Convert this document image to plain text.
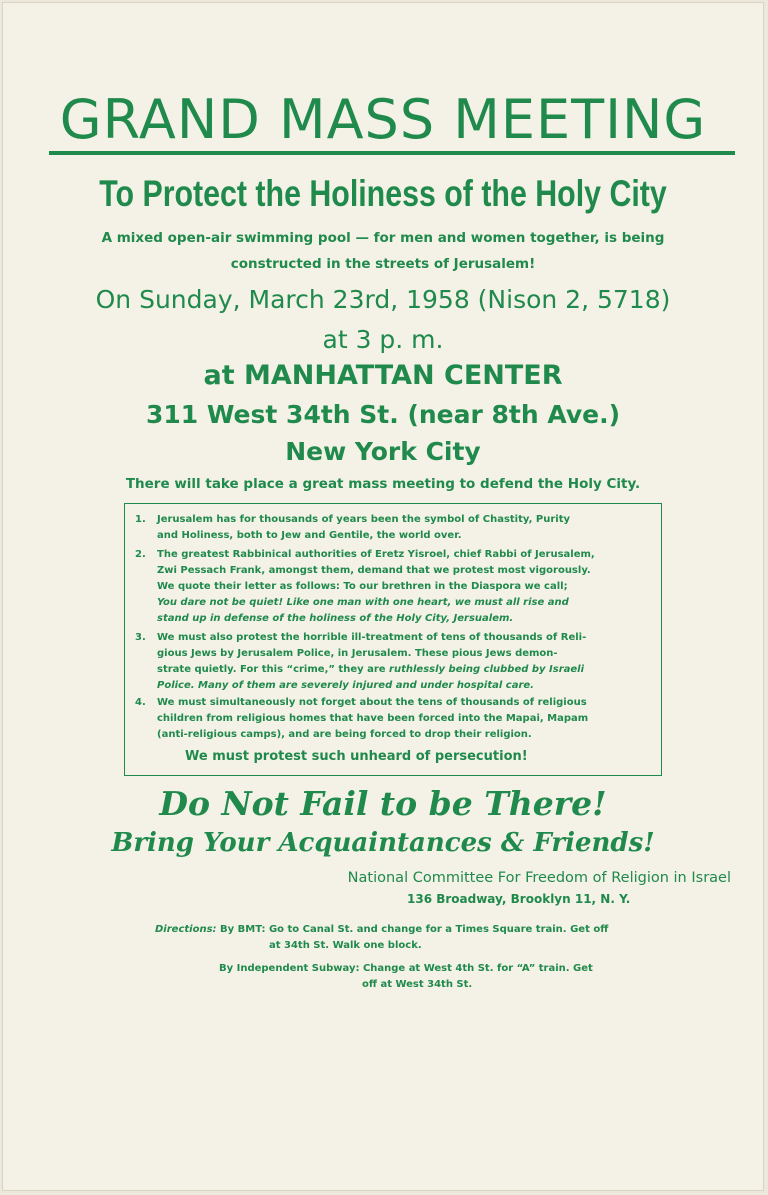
GRAND MASS MEETING
To Protect the Holiness of the Holy City
A mixed open-air swimming pool — for men and women together, is being
constructed in the streets of Jerusalem!
On Sunday, March 23rd, 1958 (Nison 2, 5718)
at 3 p. m.
at MANHATTAN CENTER
311 West 34th St. (near 8th Ave.)
New York City
There will take place a great mass meeting to defend the Holy City.
1. Jerusalem has for thousands of years been the symbol of Chastity, Purity

and Holiness, both to Jew and Gentile, the world over.

2. The greatest Rabbinical authorities of Eretz Yisroel, chief Rabbi of Jerusalem,

Zwi Pessach Frank, amongst them, demand that we protest most vigorously.

We quote their letter as follows: To our brethren in the Diaspora we call;

You dare not be quiet! Like one man with one heart, we must all rise and

stand up in defense of the holiness of the Holy City, Jersualem.

3. We must also protest the horrible ill-treatment of tens of thousands of Reli-

gious Jews by Jerusalem Police, in Jerusalem. These pious Jews demon-

strate quietly. For this “crime,” they are ruthlessly being clubbed by Israeli

Police. Many of them are severely injured and under hospital care.

4. We must simultaneously not forget about the tens of thousands of religious

children from religious homes that have been forced into the Mapai, Mapam

(anti-religious camps), and are being forced to drop their religion.

We must protest such unheard of persecution!
Do Not Fail to be There!
Bring Your Acquaintances & Friends!
National Committee For Freedom of Religion in Israel
136 Broadway, Brooklyn 11, N. Y.
Directions: By BMT: Go to Canal St. and change for a Times Square train. Get off
at 34th St. Walk one block.
By Independent Subway: Change at West 4th St. for “A” train. Get
off at West 34th St.
